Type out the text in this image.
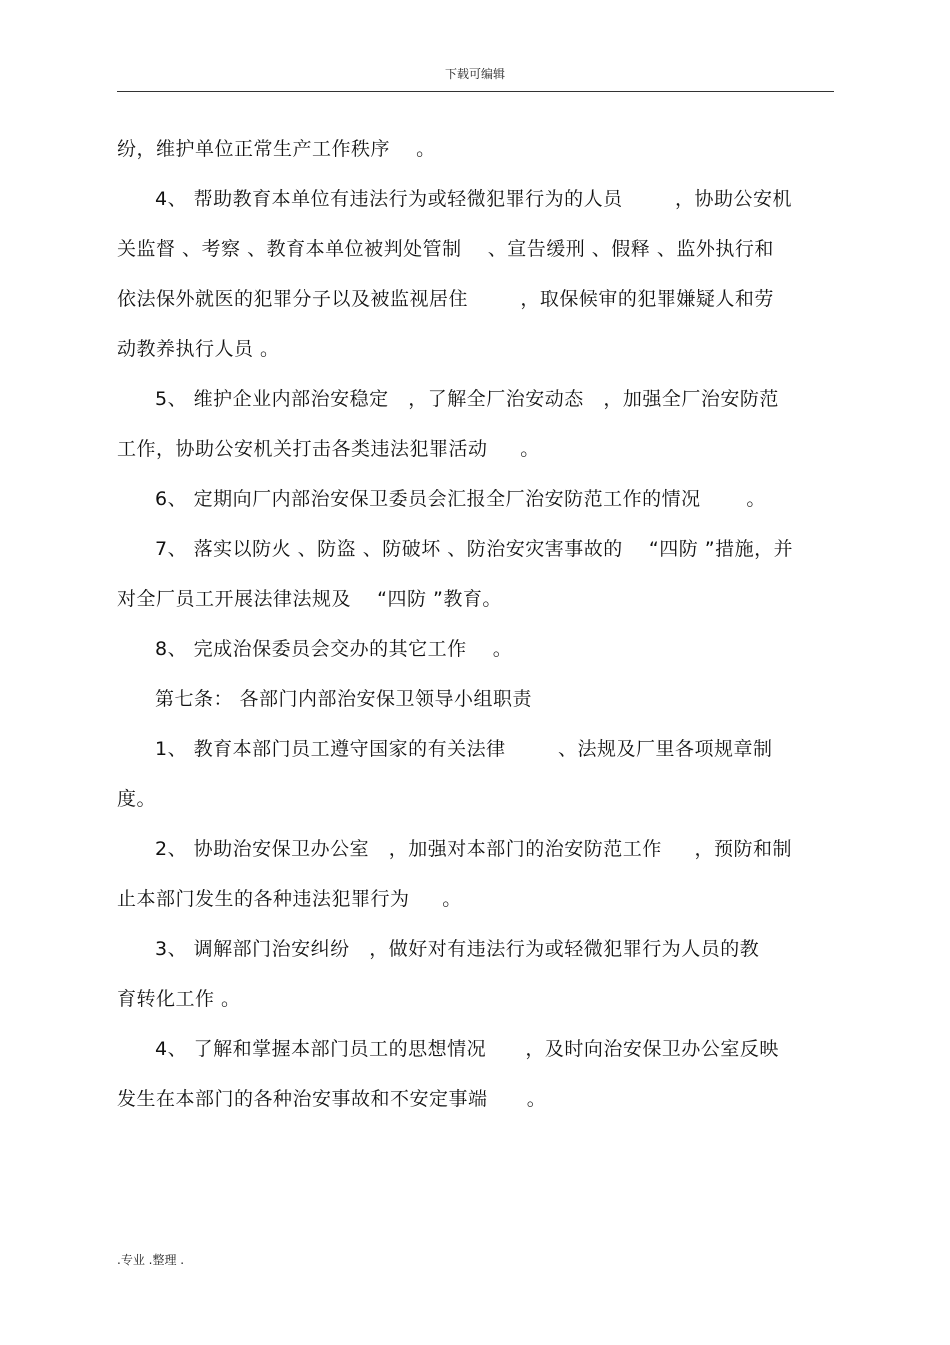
下载可编辑

纷，维护单位正常生产工作秩序    。

4、 帮助教育本单位有违法行为或轻微犯罪行为的人员        ，协助公安机
关监督 、考察 、教育本单位被判处管制    、宣告缓刑 、假释 、监外执行和
依法保外就医的犯罪分子以及被监视居住        ，取保候审的犯罪嫌疑人和劳
动教养执行人员 。

5、 维护企业内部治安稳定   ，了解全厂治安动态   ，加强全厂治安防范
工作，协助公安机关打击各类违法犯罪活动     。

6、 定期向厂内部治安保卫委员会汇报全厂治安防范工作的情况       。

7、 落实以防火 、防盗 、防破坏 、防治安灾害事故的    “四防 ”措施，并
对全厂员工开展法律法规及    “四防 ”教育。

8、 完成治保委员会交办的其它工作    。

第七条： 各部门内部治安保卫领导小组职责

1、 教育本部门员工遵守国家的有关法律        、法规及厂里各项规章制
度。

2、 协助治安保卫办公室   ，加强对本部门的治安防范工作     ，预防和制
止本部门发生的各种违法犯罪行为     。

3、 调解部门治安纠纷   ，做好对有违法行为或轻微犯罪行为人员的教
育转化工作 。

4、 了解和掌握本部门员工的思想情况      ，及时向治安保卫办公室反映
发生在本部门的各种治安事故和不安定事端      。

.专业 .整理 .
